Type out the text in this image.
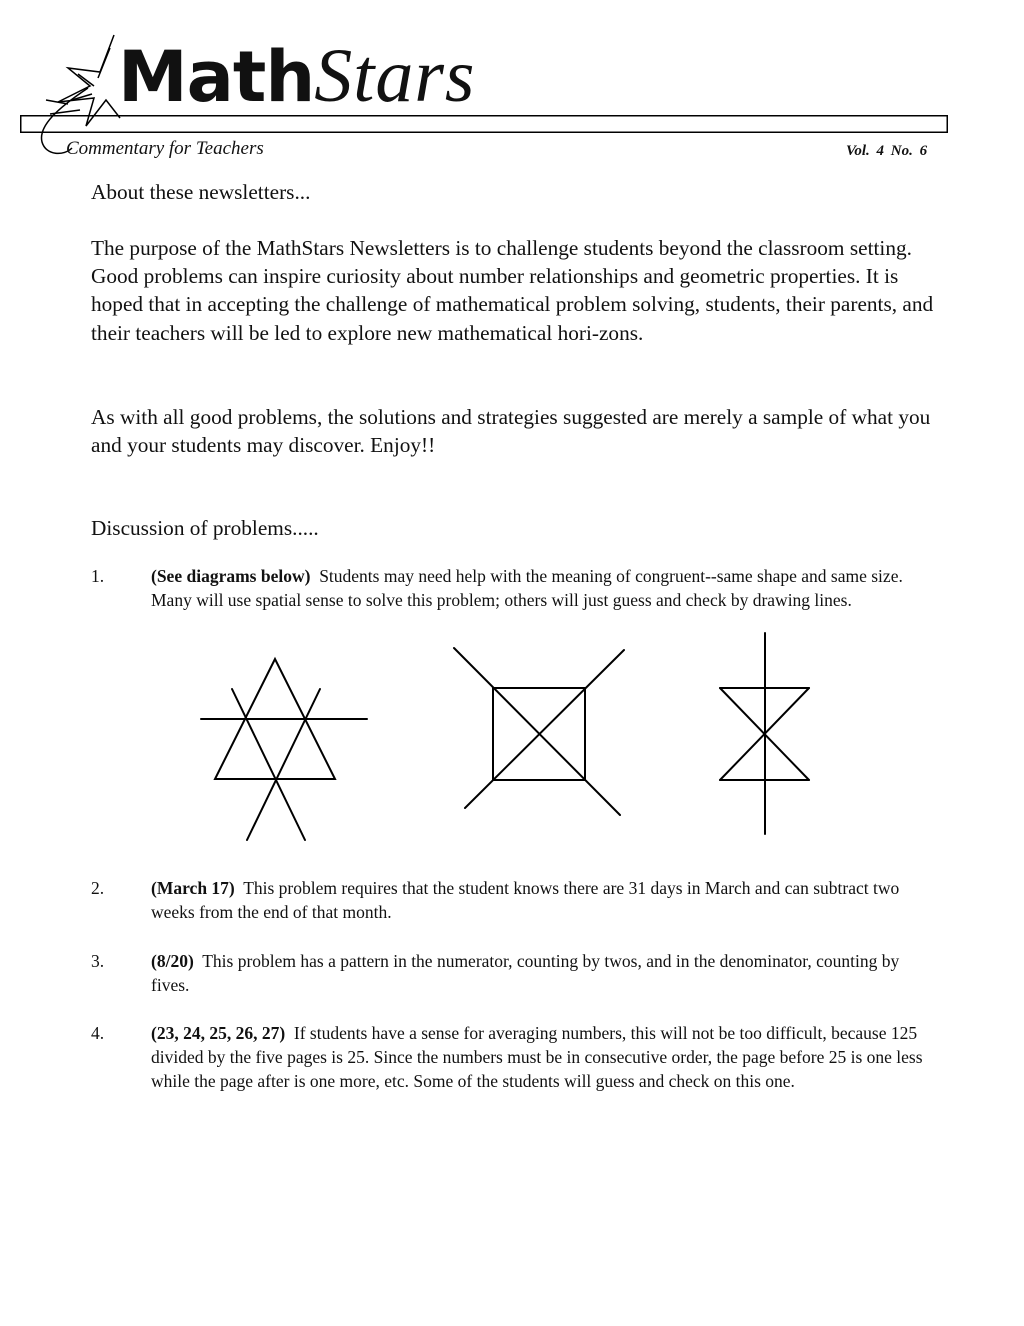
MathStars
Commentary for Teachers	Vol. 4 No. 6
About these newsletters...
The purpose of the MathStars Newsletters is to challenge students beyond the classroom setting. Good problems can inspire curiosity about number relationships and geometric properties. It is hoped that in accepting the challenge of mathematical problem solving, students, their parents, and their teachers will be led to explore new mathematical hori-zons.
As with all good problems, the solutions and strategies suggested are merely a sample of what you and your students may discover. Enjoy!!
Discussion of problems.....
1.	(See diagrams below) Students may need help with the meaning of congruent--same shape and same size. Many will use spatial sense to solve this problem; others will just guess and check by drawing lines.
2.	(March 17) This problem requires that the student knows there are 31 days in March and can subtract two weeks from the end of that month.
3.	(8/20) This problem has a pattern in the numerator, counting by twos, and in the denominator, counting by fives.
4.	(23, 24, 25, 26, 27) If students have a sense for averaging numbers, this will not be too difficult, because 125 divided by the five pages is 25. Since the numbers must be in consecutive order, the page before 25 is one less while the page after is one more, etc. Some of the students will guess and check on this one.
